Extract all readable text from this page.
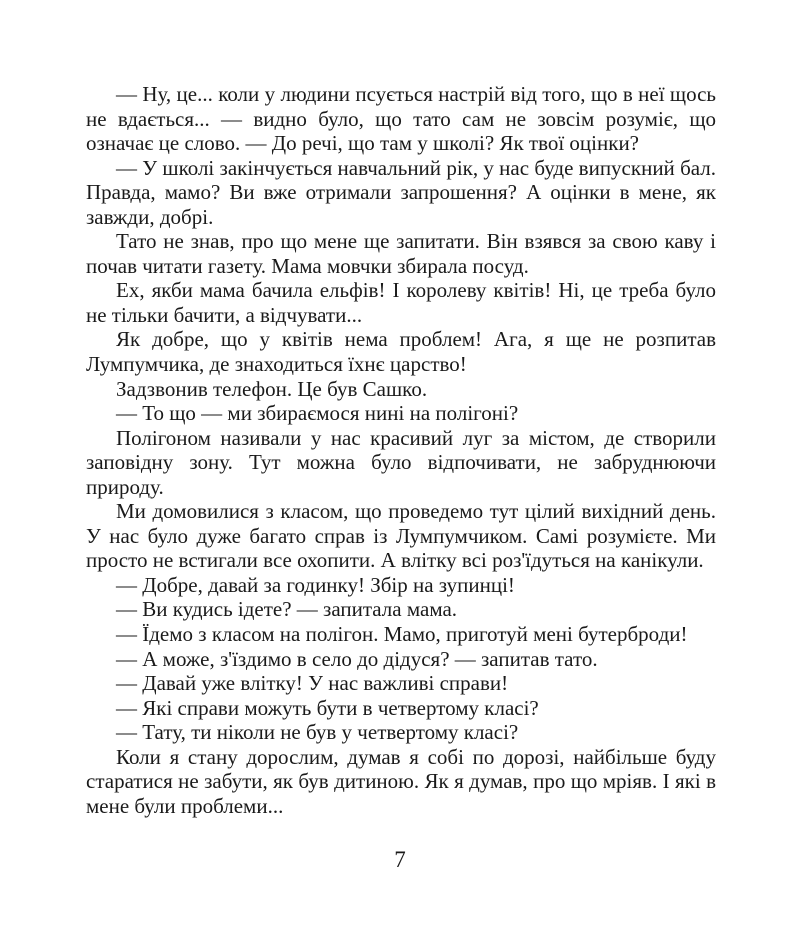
— Ну, це... коли у людини псується настрій від того, що в неї щось не вдається... — видно було, що тато сам не зовсім розуміє, що означає це слово. — До речі, що там у школі? Як твої оцінки?

— У школі закінчується навчальний рік, у нас буде випускний бал. Правда, мамо? Ви вже отримали запрошення? А оцінки в мене, як завжди, добрі.

Тато не знав, про що мене ще запитати. Він взявся за свою каву і почав читати газету. Мама мовчки збирала посуд.

Ех, якби мама бачила ельфів! І королеву квітів! Ні, це треба було не тільки бачити, а відчувати...

Як добре, що у квітів нема проблем! Ага, я ще не розпитав Лумпумчика, де знаходиться їхнє царство!

Задзвонив телефон. Це був Сашко.

— То що — ми збираємося нині на полігоні?

Полігоном називали у нас красивий луг за містом, де створили заповідну зону. Тут можна було відпочивати, не забруднюючи природу.

Ми домовилися з класом, що проведемо тут цілий вихідний день. У нас було дуже багато справ із Лумпумчиком. Самі розумієте. Ми просто не встигали все охопити. А влітку всі роз'їдуться на канікули.

— Добре, давай за годинку! Збір на зупинці!

— Ви кудись ідете? — запитала мама.

— Їдемо з класом на полігон. Мамо, приготуй мені бутерброди!

— А може, з'їздимо в село до дідуся? — запитав тато.

— Давай уже влітку! У нас важливі справи!

— Які справи можуть бути в четвертому класі?

— Тату, ти ніколи не був у четвертому класі?

Коли я стану дорослим, думав я собі по дорозі, найбільше буду старатися не забути, як був дитиною. Як я думав, про що мріяв. І які в мене були проблеми...

7
